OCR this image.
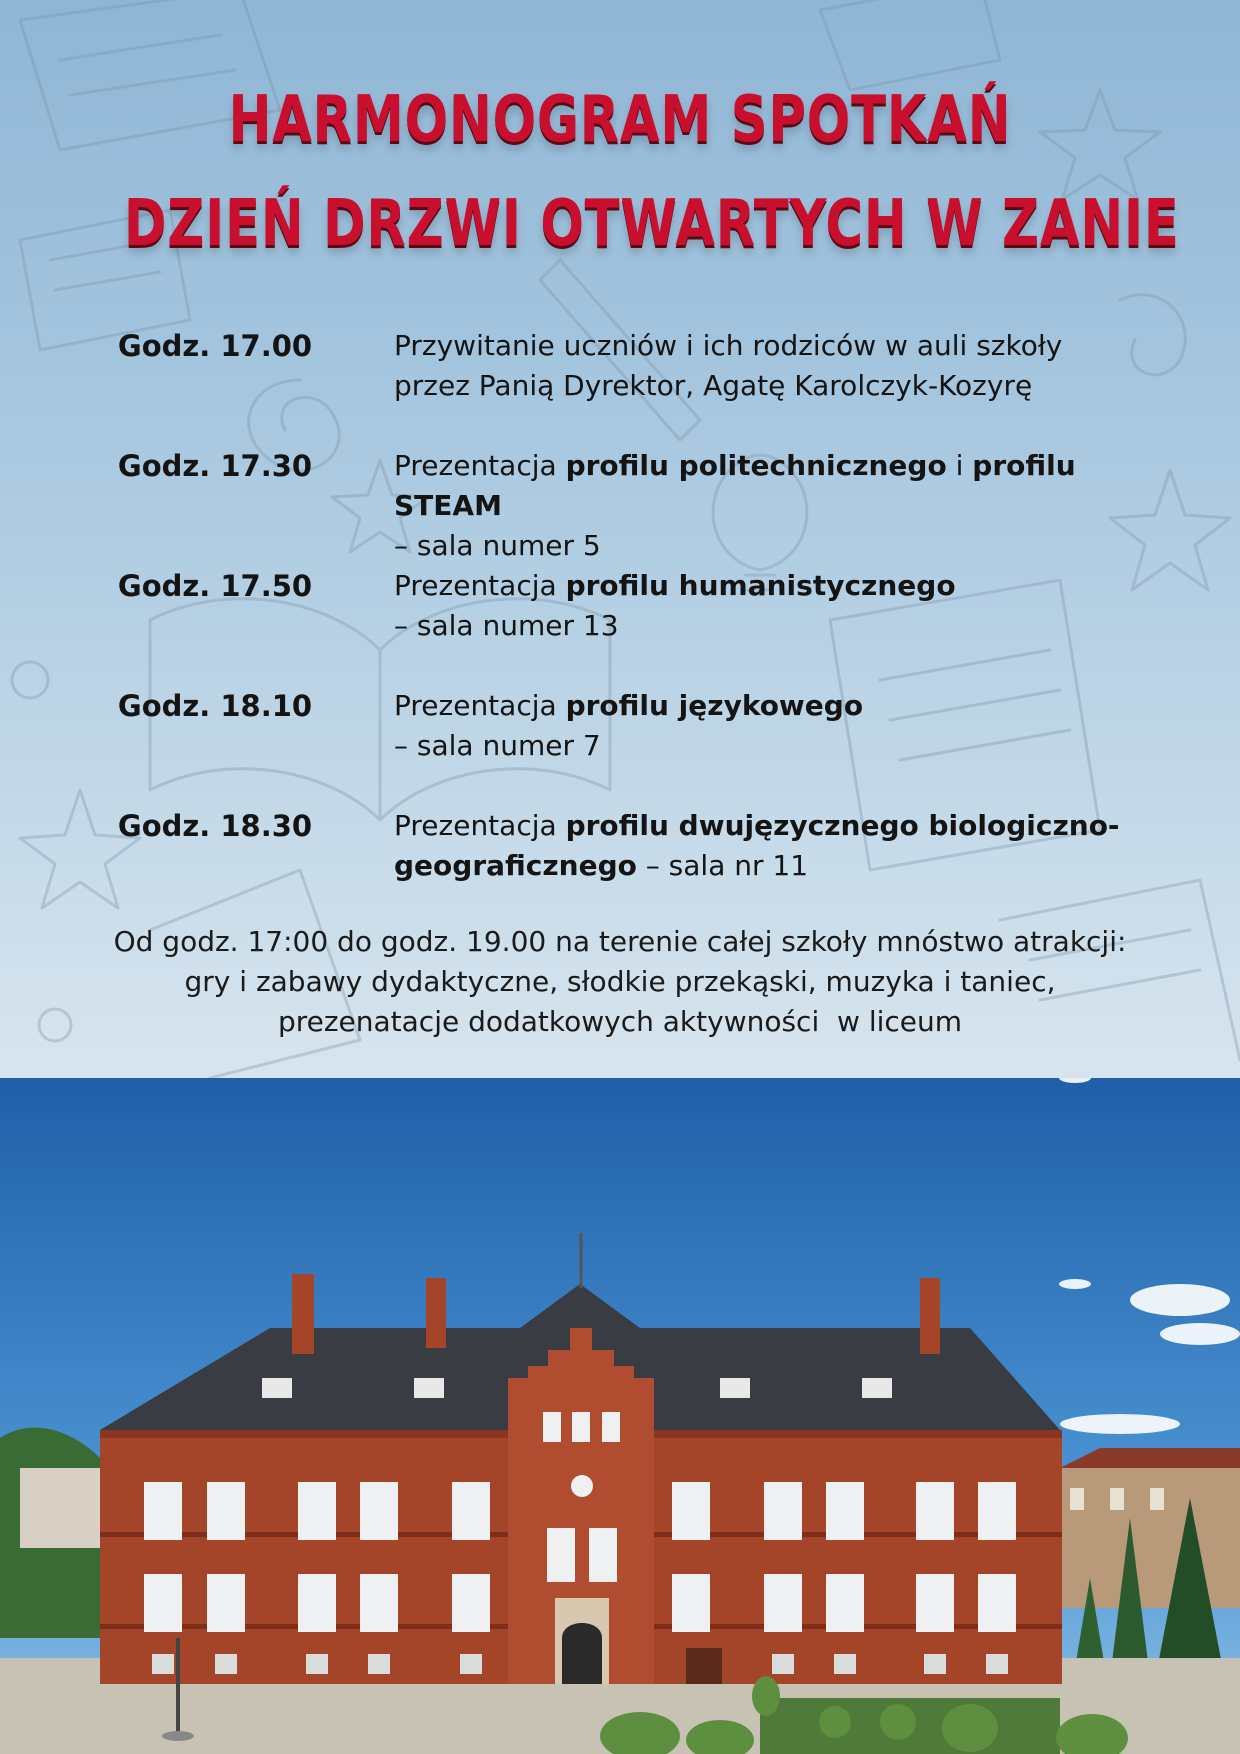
HARMONOGRAM SPOTKAŃ
DZIEŃ DRZWI OTWARTYCH W ZANIE
Godz. 17.00	Przywitanie uczniów i ich rodziców w auli szkoły
przez Panią Dyrektor, Agatę Karolczyk-Kozyrę
Godz. 17.30	Prezentacja profilu politechnicznego i profilu STEAM
– sala numer 5
Godz. 17.50	Prezentacja profilu humanistycznego
– sala numer 13
Godz. 18.10	Prezentacja profilu językowego
– sala numer 7
Godz. 18.30	Prezentacja profilu dwujęzycznego biologiczno-
geograficznego – sala nr 11
Od godz. 17:00 do godz. 19.00 na terenie całej szkoły mnóstwo atrakcji:
gry i zabawy dydaktyczne, słodkie przekąski, muzyka i taniec,
prezenatacje dodatkowych aktywności  w liceum
